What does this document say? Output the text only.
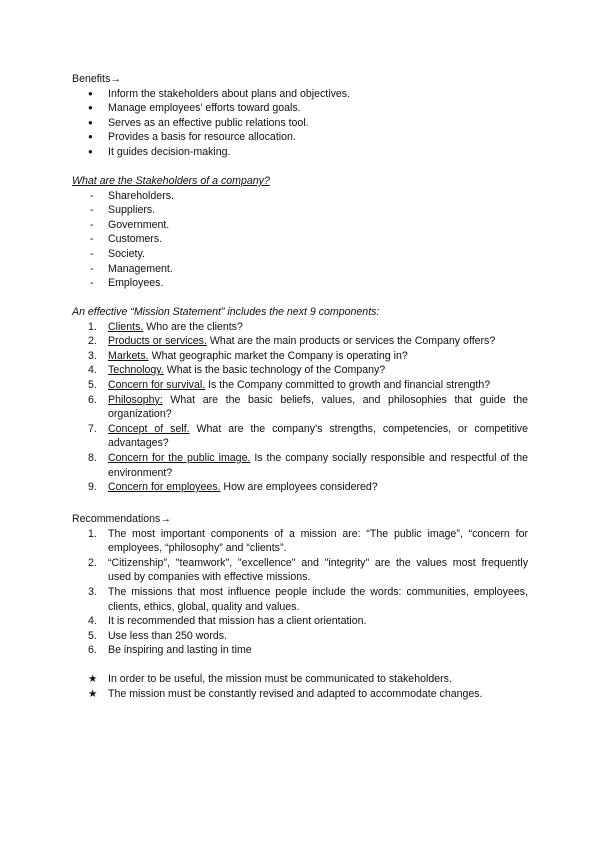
Benefits→

● Inform the stakeholders about plans and objectives.
● Manage employees' efforts toward goals.
● Serves as an effective public relations tool.
● Provides a basis for resource allocation.
● It guides decision-making.

What are the Stakeholders of a company?

- Shareholders.
- Suppliers.
- Government.
- Customers.
- Society.
- Management.
- Employees.

An effective “Mission Statement” includes the next 9 components:

1. Clients. Who are the clients?
2. Products or services. What are the main products or services the Company offers?
3. Markets. What geographic market the Company is operating in?
4. Technology. What is the basic technology of the Company?
5. Concern for survival. Is the Company committed to growth and financial strength?
6. Philosophy: What are the basic beliefs, values, and philosophies that guide the organization?
7. Concept of self. What are the company's strengths, competencies, or competitive advantages?
8. Concern for the public image. Is the company socially responsible and respectful of the environment?
9. Concern for employees. How are employees considered?

Recommendations→

1. The most important components of a mission are: “The public image”, “concern for employees, “philosophy” and “clients”.
2. “Citizenship", "teamwork", "excellence" and "integrity" are the values most frequently used by companies with effective missions.
3. The missions that most influence people include the words: communities, employees, clients, ethics, global, quality and values.
4. It is recommended that mission has a client orientation.
5. Use less than 250 words.
6. Be inspiring and lasting in time
★ In order to be useful, the mission must be communicated to stakeholders.
★ The mission must be constantly revised and adapted to accommodate changes.
